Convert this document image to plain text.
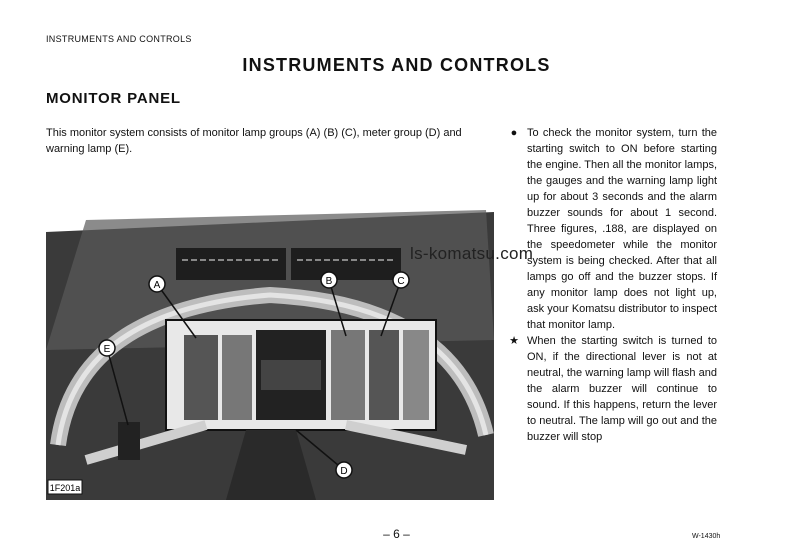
INSTRUMENTS AND CONTROLS
INSTRUMENTS AND CONTROLS
MONITOR PANEL
This monitor system consists of monitor lamp groups (A) (B) (C), meter group (D) and warning lamp (E).
A	B	C
D
E
1F201a
● To check the monitor system, turn the starting switch to ON before starting the engine. Then all the monitor lamps, the gauges and the warning lamp light up for about 3 seconds and the alarm buzzer sounds for about 1 second. Three figures, .188, are displayed on the speedometer while the monitor system is being checked. After that all lamps go off and the buzzer stops. If any monitor lamp does not light up, ask your Komatsu distributor to inspect that monitor lamp.
★ When the starting switch is turned to ON, if the directional lever is not at neutral, the warning lamp will flash and the alarm buzzer will continue to sound. If this happens, return the lever to neutral. The lamp will go out and the buzzer will stop
ls-komatsu.com
– 6 –	W-1430h
